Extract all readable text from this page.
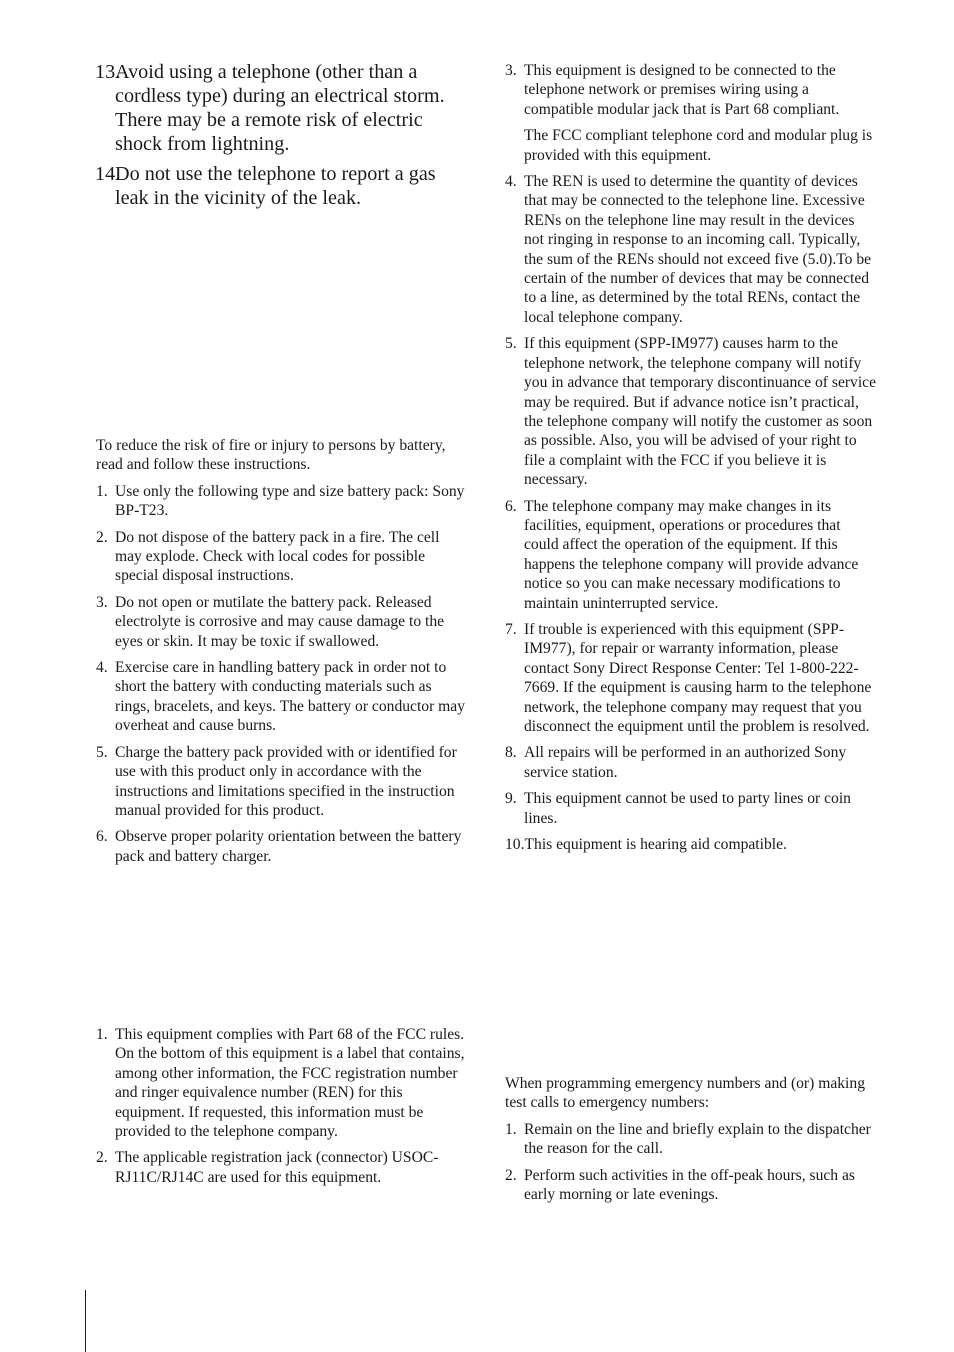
13.
Avoid using a telephone (other than a cordless type) during an electrical storm. There may be a remote risk of electric shock from lightning.
14.
Do not use the telephone to report a gas leak in the vicinity of the leak.

To reduce the risk of fire or injury to persons by battery, read and follow these instructions.

1. Use only the following type and size battery pack: Sony BP-T23.
2. Do not dispose of the battery pack in a fire. The cell may explode. Check with local codes for possible special disposal instructions.
3. Do not open or mutilate the battery pack. Released electrolyte is corrosive and may cause damage to the eyes or skin. It may be toxic if swallowed.
4. Exercise care in handling battery pack in order not to short the battery with conducting materials such as rings, bracelets, and keys. The battery or conductor may overheat and cause burns.
5. Charge the battery pack provided with or identified for use with this product only in accordance with the instructions and limitations specified in the instruction manual provided for this product.
6. Observe proper polarity orientation between the battery pack and battery charger.
1. This equipment complies with Part 68 of the FCC rules. On the bottom of this equipment is a label that contains, among other information, the FCC registration number and ringer equivalence number (REN) for this equipment. If requested, this information must be provided to the telephone company.
2. The applicable registration jack (connector) USOC-RJ11C/RJ14C are used for this equipment.
3. This equipment is designed to be connected to the telephone network or premises wiring using a compatible modular jack that is Part 68 compliant.
The FCC compliant telephone cord and modular plug is provided with this equipment.
4. The REN is used to determine the quantity of devices that may be connected to the telephone line. Excessive RENs on the telephone line may result in the devices not ringing in response to an incoming call. Typically, the sum of the RENs should not exceed five (5.0).To be certain of the number of devices that may be connected to a line, as determined by the total RENs, contact the local telephone company.
5. If this equipment (SPP-IM977) causes harm to the telephone network, the telephone company will notify you in advance that temporary discontinuance of service may be required. But if advance notice isn’t practical, the telephone company will notify the customer as soon as possible. Also, you will be advised of your right to file a complaint with the FCC if you believe it is necessary.
6. The telephone company may make changes in its facilities, equipment, operations or procedures that could affect the operation of the equipment. If this happens the telephone company will provide advance notice so you can make necessary modifications to maintain uninterrupted service.
7. If trouble is experienced with this equipment (SPP-IM977), for repair or warranty information, please contact Sony Direct Response Center: Tel 1-800-222-7669. If the equipment is causing harm to the telephone network, the telephone company may request that you disconnect the equipment until the problem is resolved.
8. All repairs will be performed in an authorized Sony service station.
9. This equipment cannot be used to party lines or coin lines.
10.This equipment is hearing aid compatible.

When programming emergency numbers and (or) making test calls to emergency numbers:

1. Remain on the line and briefly explain to the dispatcher the reason for the call.
2. Perform such activities in the off-peak hours, such as early morning or late evenings.
